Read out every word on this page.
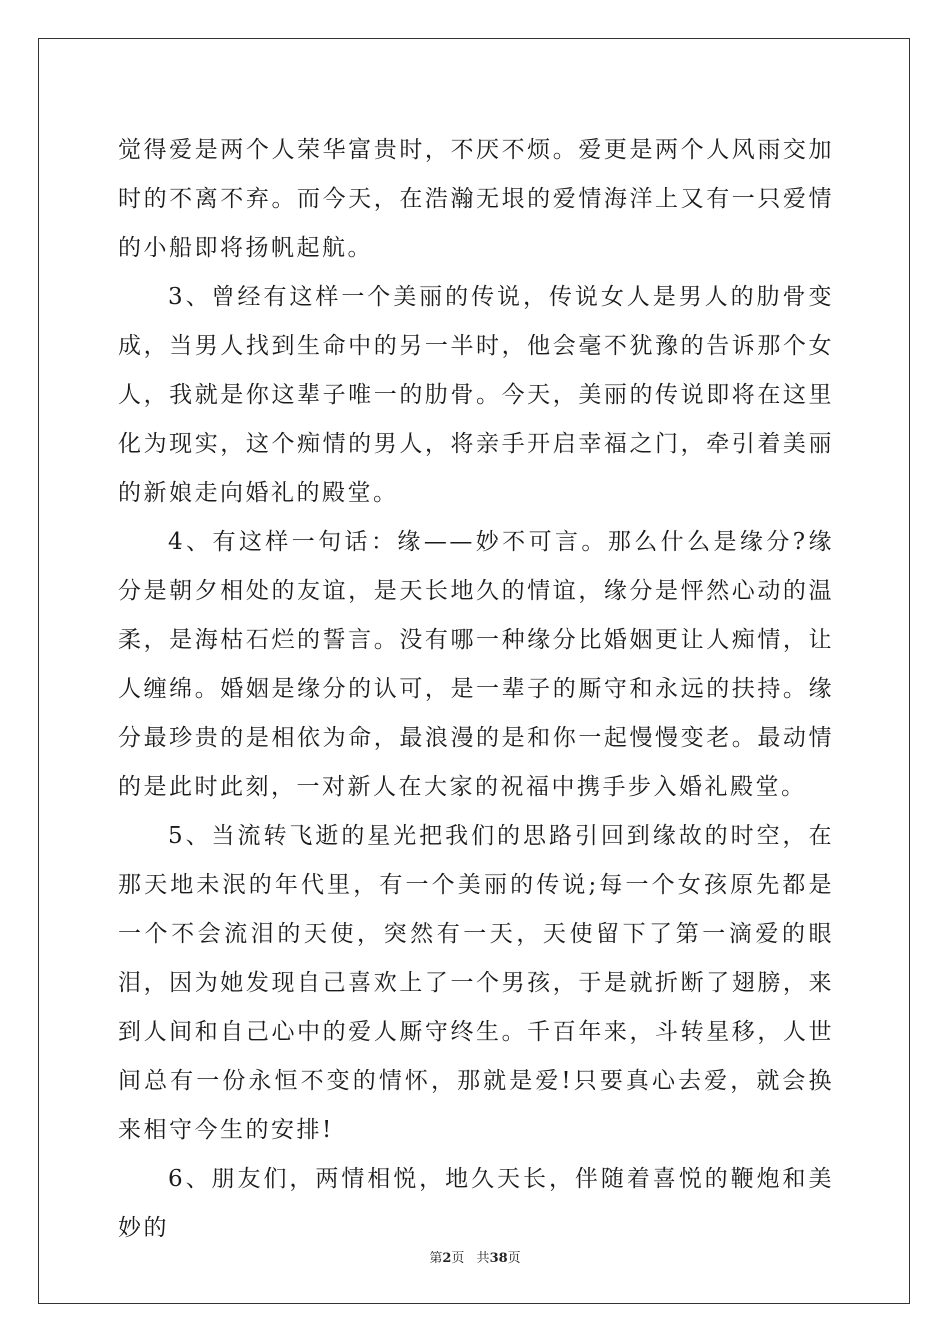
觉得爱是两个人荣华富贵时，不厌不烦。爱更是两个人风雨交加时的不离不弃。而今天，在浩瀚无垠的爱情海洋上又有一只爱情的小船即将扬帆起航。

3、曾经有这样一个美丽的传说，传说女人是男人的肋骨变成，当男人找到生命中的另一半时，他会毫不犹豫的告诉那个女人，我就是你这辈子唯一的肋骨。今天，美丽的传说即将在这里化为现实，这个痴情的男人，将亲手开启幸福之门，牵引着美丽的新娘走向婚礼的殿堂。

4、有这样一句话：缘——妙不可言。那么什么是缘分?缘分是朝夕相处的友谊，是天长地久的情谊，缘分是怦然心动的温柔，是海枯石烂的誓言。没有哪一种缘分比婚姻更让人痴情，让人缠绵。婚姻是缘分的认可，是一辈子的厮守和永远的扶持。缘分最珍贵的是相依为命，最浪漫的是和你一起慢慢变老。最动情的是此时此刻，一对新人在大家的祝福中携手步入婚礼殿堂。

5、当流转飞逝的星光把我们的思路引回到缘故的时空，在那天地未泯的年代里，有一个美丽的传说;每一个女孩原先都是一个不会流泪的天使，突然有一天，天使留下了第一滴爱的眼泪，因为她发现自己喜欢上了一个男孩，于是就折断了翅膀，来到人间和自己心中的爱人厮守终生。千百年来，斗转星移，人世间总有一份永恒不变的情怀，那就是爱!只要真心去爱，就会换来相守今生的安排!

6、朋友们，两情相悦，地久天长，伴随着喜悦的鞭炮和美妙的

第2页 共38页
